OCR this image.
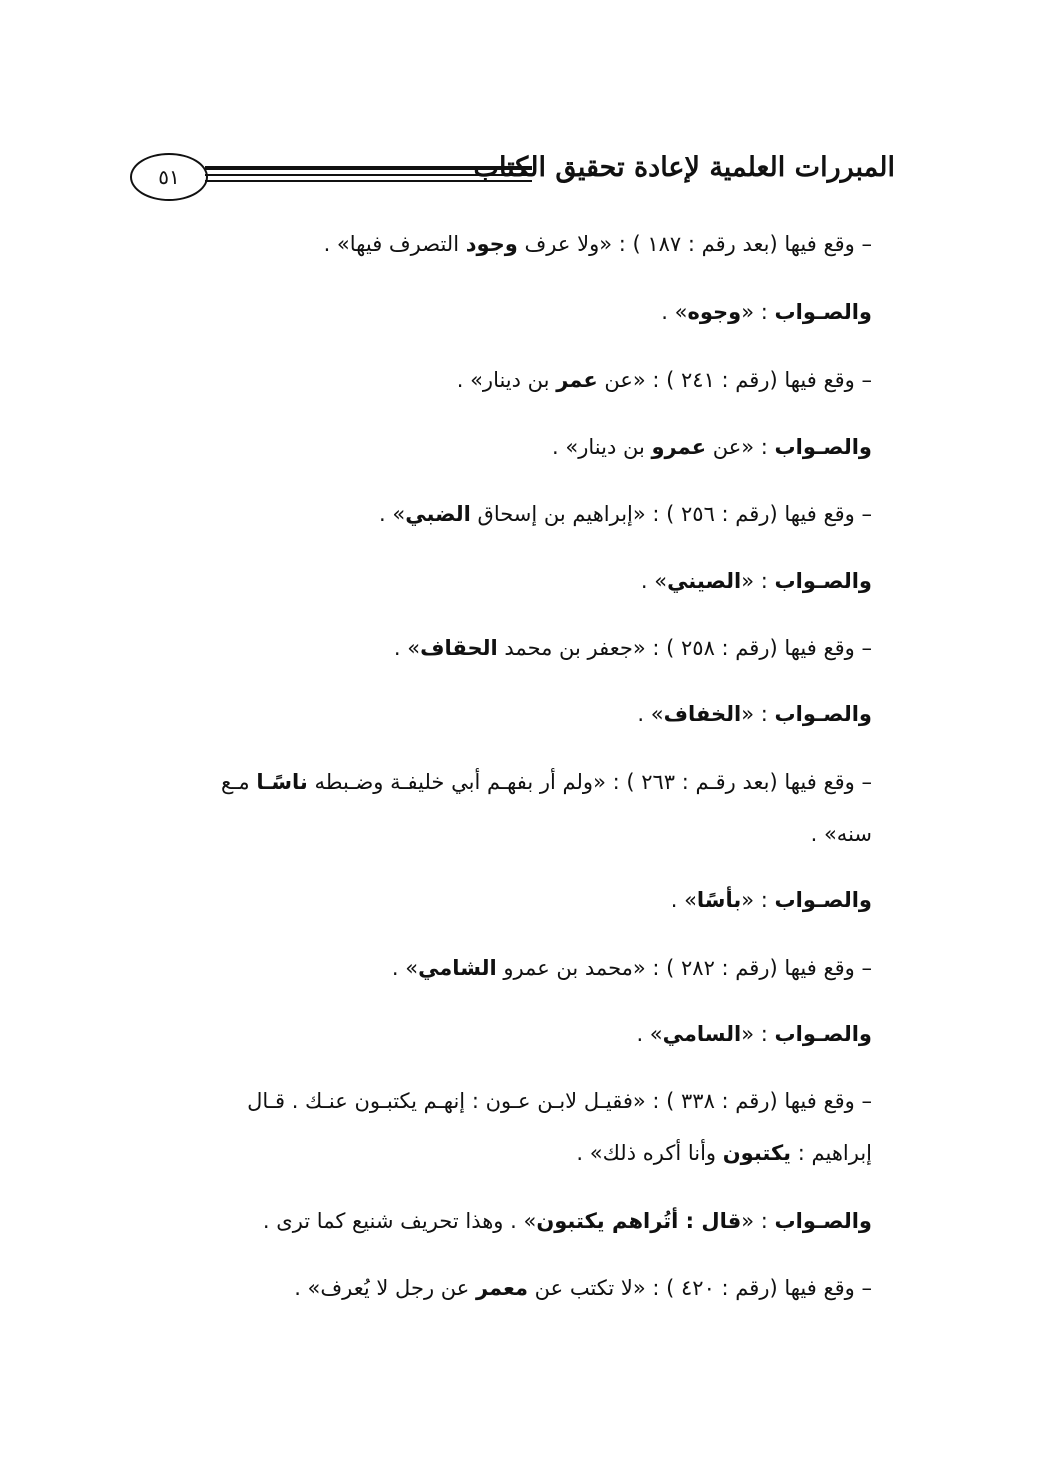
المبررات العلمية لإعادة تحقيق الكتاب
٥١
– وقع فيها (بعد رقم : ١٨٧ ) : «ولا عرف وجود التصرف فيها» .
والصـواب : «وجوه» .
– وقع فيها (رقم : ٢٤١ ) : «عن عمر بن دينار» .
والصـواب : «عن عمرو بن دينار» .
– وقع فيها (رقم : ٢٥٦ ) : «إبراهيم بن إسحاق الضبي» .
والصـواب : «الصيني» .
– وقع فيها (رقم : ٢٥٨ ) : «جعفر بن محمد الحقاف» .
والصـواب : «الخفاف» .
– وقع فيها (بعد رقـم : ٢٦٣ ) : «ولم أر بفهـم أبي خليفـة وضـبطه ناسًـا مـع
سنه» .
والصـواب : «بأسًا» .
– وقع فيها (رقم : ٢٨٢ ) : «محمد بن عمرو الشامي» .
والصـواب : «السامي» .
– وقع فيها (رقم : ٣٣٨ ) : «فقيـل لابـن عـون : إنهـم يكتبـون عنـك . قـال
إبراهيم : يكتبون وأنا أكره ذلك» .
والصـواب : «قال : أتُراهم يكتبون» . وهذا تحريف شنيع كما ترى .
– وقع فيها (رقم : ٤٢٠ ) : «لا تكتب عن معمر عن رجل لا يُعرف» .
